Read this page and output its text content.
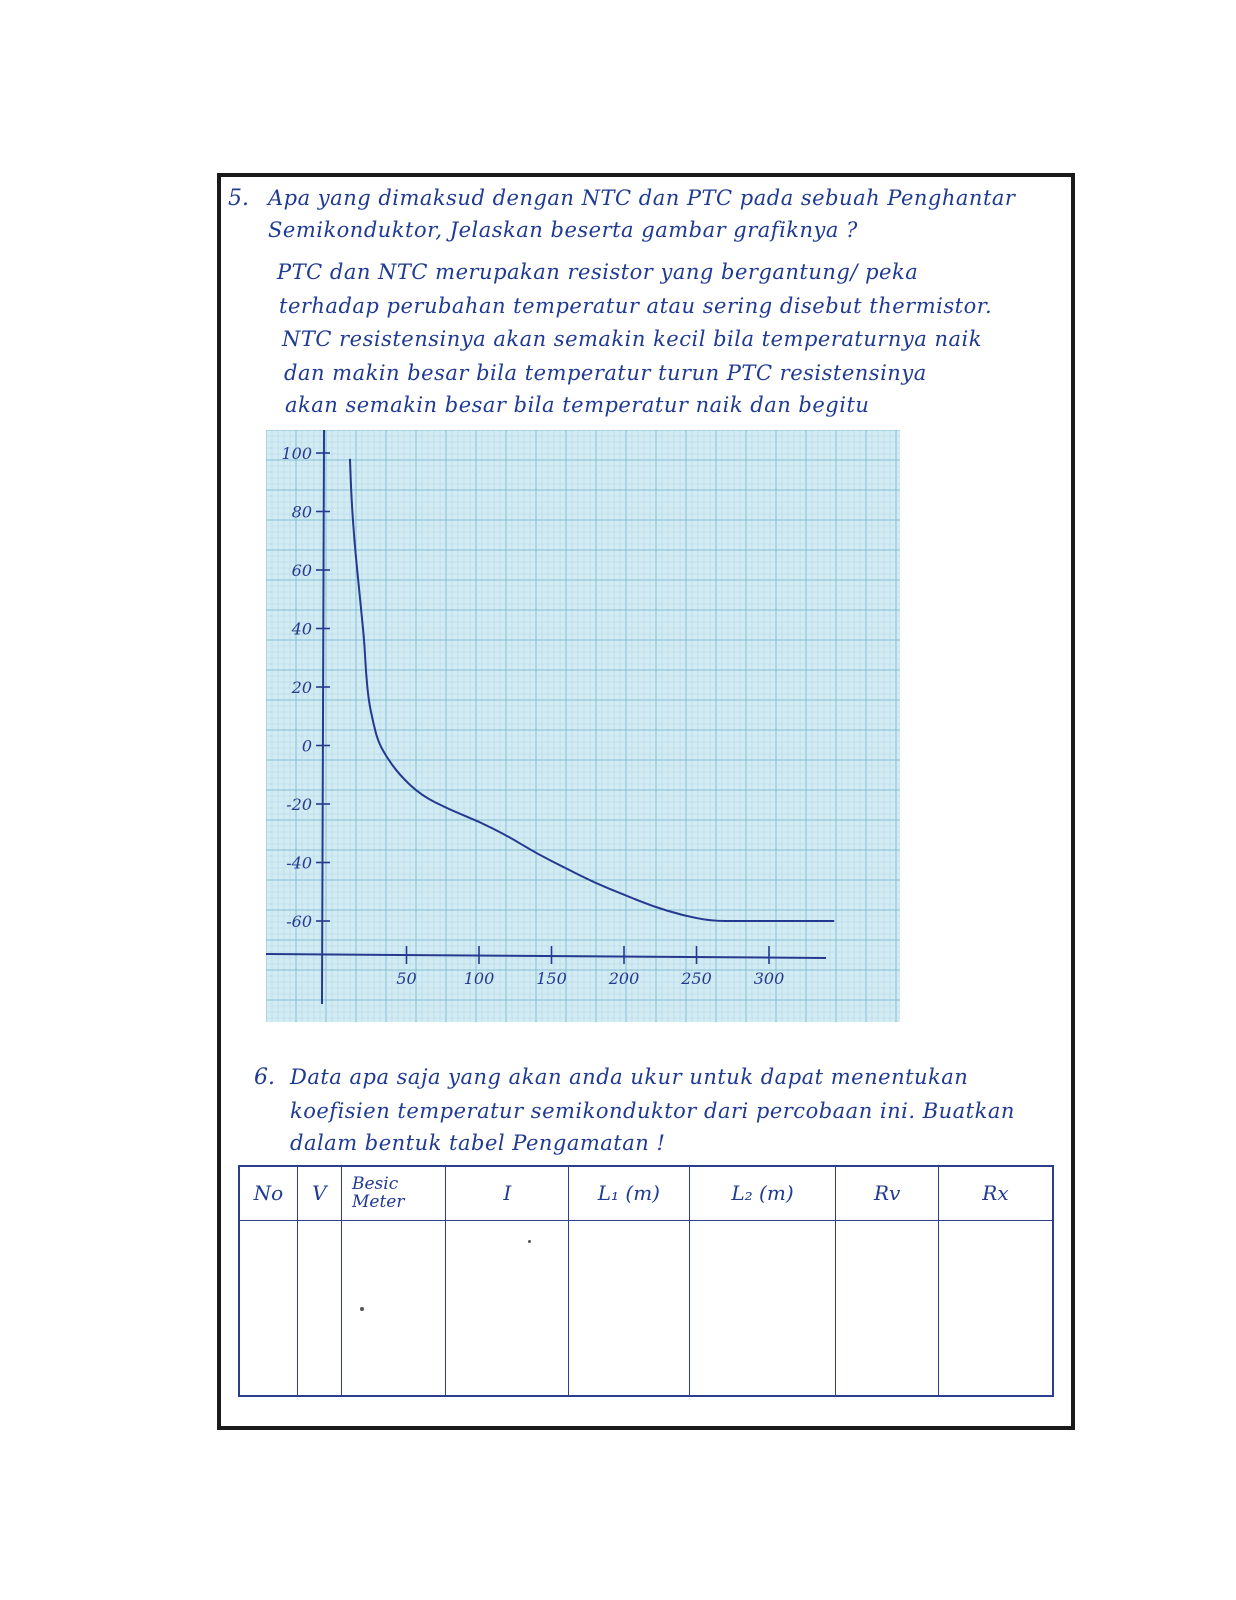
5. Apa yang dimaksud dengan NTC dan PTC pada sebuah Penghantar
Semikonduktor, Jelaskan beserta gambar grafiknya ?
PTC dan NTC merupakan resistor yang bergantung/ peka
terhadap perubahan temperatur atau sering disebut thermistor.
NTC resistensinya akan semakin kecil bila temperaturnya naik
dan makin besar bila temperatur turun PTC resistensinya
akan semakin besar bila temperatur naik dan begitu
100
80
60
40
20
0
-20
-40
-60
50	100	150	200	250	300
6. Data apa saja yang akan anda ukur untuk dapat menentukan
koefisien temperatur semikonduktor dari percobaan ini. Buatkan
dalam bentuk tabel Pengamatan !
No	V	Besic Meter	I	L₁ (m)	L₂ (m)	Rv	Rx
